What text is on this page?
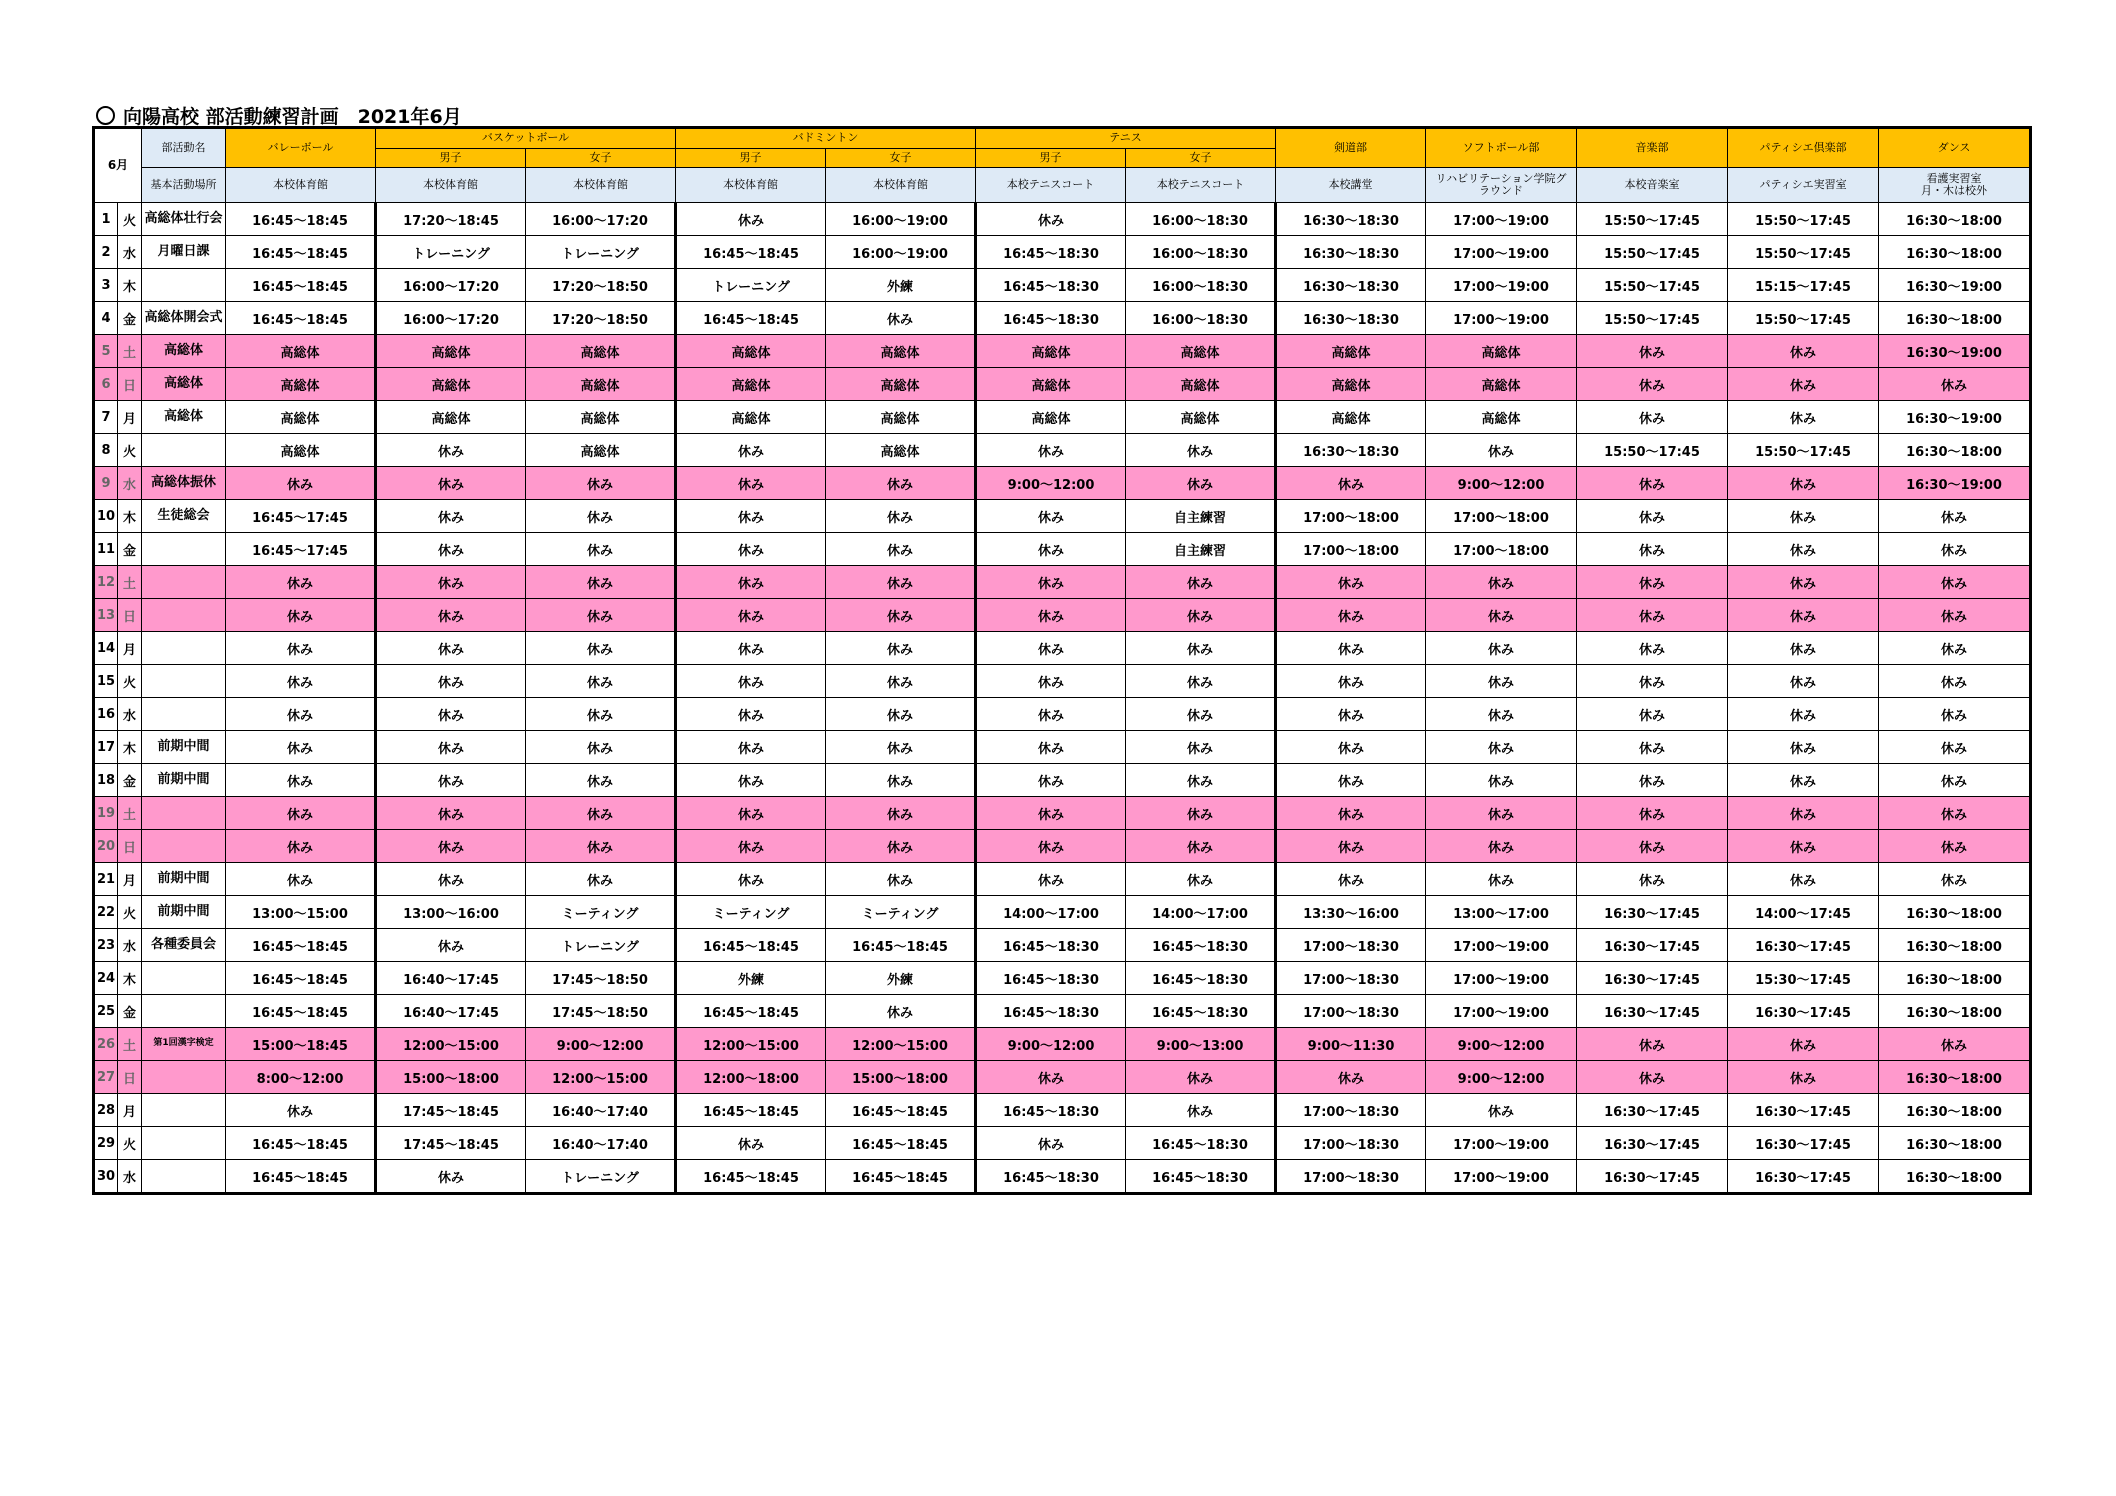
向陽高校 部活動練習計画　2021年6月
6月		部活動名	バレーボール	バスケットボール		バドミントン		テニス		剣道部	ソフトボール部	音楽部	パティシエ倶楽部	ダンス
				男子	女子	男子	女子	男子	女子					
		基本活動場所	本校体育館	本校体育館	本校体育館	本校体育館	本校体育館	本校テニスコート	本校テニスコート	本校講堂	リハビリテーション学院グラウンド	本校音楽室	パティシエ実習室	看護実習室
月・木は校外
1	火	高総体壮行会	16:45～18:45	17:20～18:45	16:00～17:20	休み	16:00～19:00	休み	16:00～18:30	16:30～18:30	17:00～19:00	15:50～17:45	15:50～17:45	16:30～18:00
2	水	月曜日課	16:45～18:45	トレーニング	トレーニング	16:45～18:45	16:00～19:00	16:45～18:30	16:00～18:30	16:30～18:30	17:00～19:00	15:50～17:45	15:50～17:45	16:30～18:00
3	木		16:45～18:45	16:00～17:20	17:20～18:50	トレーニング	外練	16:45～18:30	16:00～18:30	16:30～18:30	17:00～19:00	15:50～17:45	15:15～17:45	16:30～19:00
4	金	高総体開会式	16:45～18:45	16:00～17:20	17:20～18:50	16:45～18:45	休み	16:45～18:30	16:00～18:30	16:30～18:30	17:00～19:00	15:50～17:45	15:50～17:45	16:30～18:00
5	土	高総体	高総体	高総体	高総体	高総体	高総体	高総体	高総体	高総体	高総体	休み	休み	16:30～19:00
6	日	高総体	高総体	高総体	高総体	高総体	高総体	高総体	高総体	高総体	高総体	休み	休み	休み
7	月	高総体	高総体	高総体	高総体	高総体	高総体	高総体	高総体	高総体	高総体	休み	休み	16:30～19:00
8	火		高総体	休み	高総体	休み	高総体	休み	休み	16:30～18:30	休み	15:50～17:45	15:50～17:45	16:30～18:00
9	水	高総体振休	休み	休み	休み	休み	休み	9:00～12:00	休み	休み	9:00～12:00	休み	休み	16:30～19:00
10	木	生徒総会	16:45～17:45	休み	休み	休み	休み	休み	自主練習	17:00～18:00	17:00～18:00	休み	休み	休み
11	金		16:45～17:45	休み	休み	休み	休み	休み	自主練習	17:00～18:00	17:00～18:00	休み	休み	休み
12	土		休み	休み	休み	休み	休み	休み	休み	休み	休み	休み	休み	休み
13	日		休み	休み	休み	休み	休み	休み	休み	休み	休み	休み	休み	休み
14	月		休み	休み	休み	休み	休み	休み	休み	休み	休み	休み	休み	休み
15	火		休み	休み	休み	休み	休み	休み	休み	休み	休み	休み	休み	休み
16	水		休み	休み	休み	休み	休み	休み	休み	休み	休み	休み	休み	休み
17	木	前期中間	休み	休み	休み	休み	休み	休み	休み	休み	休み	休み	休み	休み
18	金	前期中間	休み	休み	休み	休み	休み	休み	休み	休み	休み	休み	休み	休み
19	土		休み	休み	休み	休み	休み	休み	休み	休み	休み	休み	休み	休み
20	日		休み	休み	休み	休み	休み	休み	休み	休み	休み	休み	休み	休み
21	月	前期中間	休み	休み	休み	休み	休み	休み	休み	休み	休み	休み	休み	休み
22	火	前期中間	13:00～15:00	13:00～16:00	ミーティング	ミーティング	ミーティング	14:00～17:00	14:00～17:00	13:30～16:00	13:00～17:00	16:30～17:45	14:00～17:45	16:30～18:00
23	水	各種委員会	16:45～18:45	休み	トレーニング	16:45～18:45	16:45～18:45	16:45～18:30	16:45～18:30	17:00～18:30	17:00～19:00	16:30～17:45	16:30～17:45	16:30～18:00
24	木		16:45～18:45	16:40～17:45	17:45～18:50	外練	外練	16:45～18:30	16:45～18:30	17:00～18:30	17:00～19:00	16:30～17:45	15:30～17:45	16:30～18:00
25	金		16:45～18:45	16:40～17:45	17:45～18:50	16:45～18:45	休み	16:45～18:30	16:45～18:30	17:00～18:30	17:00～19:00	16:30～17:45	16:30～17:45	16:30～18:00
26	土	第1回漢字検定	15:00～18:45	12:00～15:00	9:00～12:00	12:00～15:00	12:00～15:00	9:00～12:00	9:00～13:00	9:00～11:30	9:00～12:00	休み	休み	休み
27	日		8:00～12:00	15:00～18:00	12:00～15:00	12:00～18:00	15:00～18:00	休み	休み	休み	9:00～12:00	休み	休み	16:30～18:00
28	月		休み	17:45～18:45	16:40～17:40	16:45～18:45	16:45～18:45	16:45～18:30	休み	17:00～18:30	休み	16:30～17:45	16:30～17:45	16:30～18:00
29	火		16:45～18:45	17:45～18:45	16:40～17:40	休み	16:45～18:45	休み	16:45～18:30	17:00～18:30	17:00～19:00	16:30～17:45	16:30～17:45	16:30～18:00
30	水		16:45～18:45	休み	トレーニング	16:45～18:45	16:45～18:45	16:45～18:30	16:45～18:30	17:00～18:30	17:00～19:00	16:30～17:45	16:30～17:45	16:30～18:00
